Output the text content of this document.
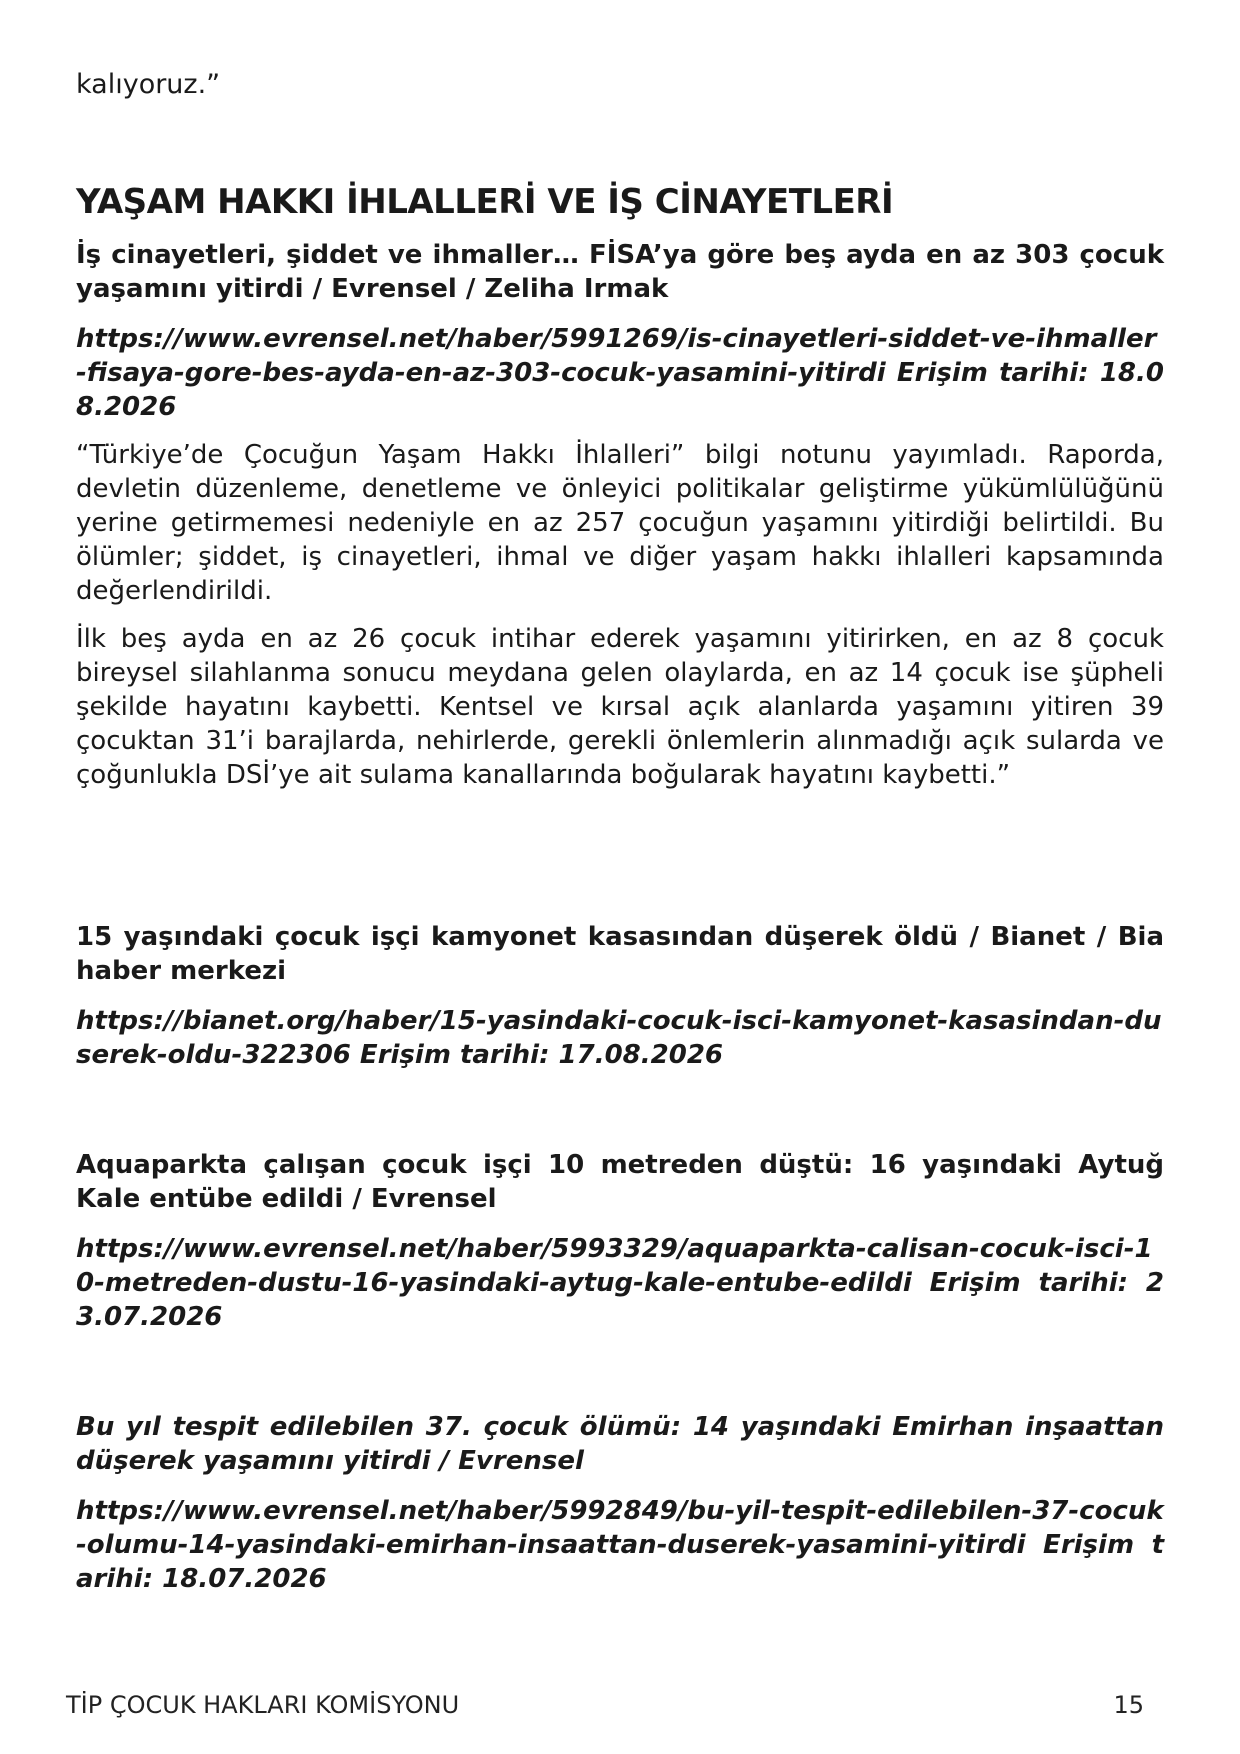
kalıyoruz.”
YAŞAM HAKKI İHLALLERİ VE İŞ CİNAYETLERİ
İş cinayetleri, şiddet ve ihmaller… FİSA’ya göre beş ayda en az 303 çocuk yaşamını yitirdi / Evrensel / Zeliha Irmak
https://www.evrensel.net/haber/5991269/is-cinayetleri-siddet-ve-ihmaller-fisaya-gore-bes-ayda-en-az-303-cocuk-yasamini-yitirdi Erişim tarihi: 18.08.2026

“Türkiye’de Çocuğun Yaşam Hakkı İhlalleri” bilgi notunu yayımladı. Raporda, devletin düzenleme, denetleme ve önleyici politikalar geliştirme yükümlülüğünü yerine getirmemesi nedeniyle en az 257 çocuğun yaşamını yitirdiği belirtildi. Bu ölümler; şiddet, iş cinayetleri, ihmal ve diğer yaşam hakkı ihlalleri kapsamında değerlendirildi.

İlk beş ayda en az 26 çocuk intihar ederek yaşamını yitirirken, en az 8 çocuk bireysel silahlanma sonucu meydana gelen olaylarda, en az 14 çocuk ise şüpheli şekilde hayatını kaybetti. Kentsel ve kırsal açık alanlarda yaşamını yitiren 39 çocuktan 31’i barajlarda, nehirlerde, gerekli önlemlerin alınmadığı açık sularda ve çoğunlukla DSİ’ye ait sulama kanallarında boğularak hayatını kaybetti.”

15 yaşındaki çocuk işçi kamyonet kasasından düşerek öldü / Bianet / Bia haber merkezi
https://bianet.org/haber/15-yasindaki-cocuk-isci-kamyonet-kasasindan-duserek-oldu-322306 Erişim tarihi: 17.08.2026
Aquaparkta çalışan çocuk işçi 10 metreden düştü: 16 yaşındaki Aytuğ Kale entübe edildi / Evrensel
https://www.evrensel.net/haber/5993329/aquaparkta-calisan-cocuk-isci-10-metreden-dustu-16-yasindaki-aytug-kale-entube-edildi Erişim tarihi: 23.07.2026
Bu yıl tespit edilebilen 37. çocuk ölümü: 14 yaşındaki Emirhan inşaattan düşerek yaşamını yitirdi / Evrensel
https://www.evrensel.net/haber/5992849/bu-yil-tespit-edilebilen-37-cocuk-olumu-14-yasindaki-emirhan-insaattan-duserek-yasamini-yitirdi Erişim tarihi: 18.07.2026
TİP ÇOCUK HAKLARI KOMİSYONU	15
